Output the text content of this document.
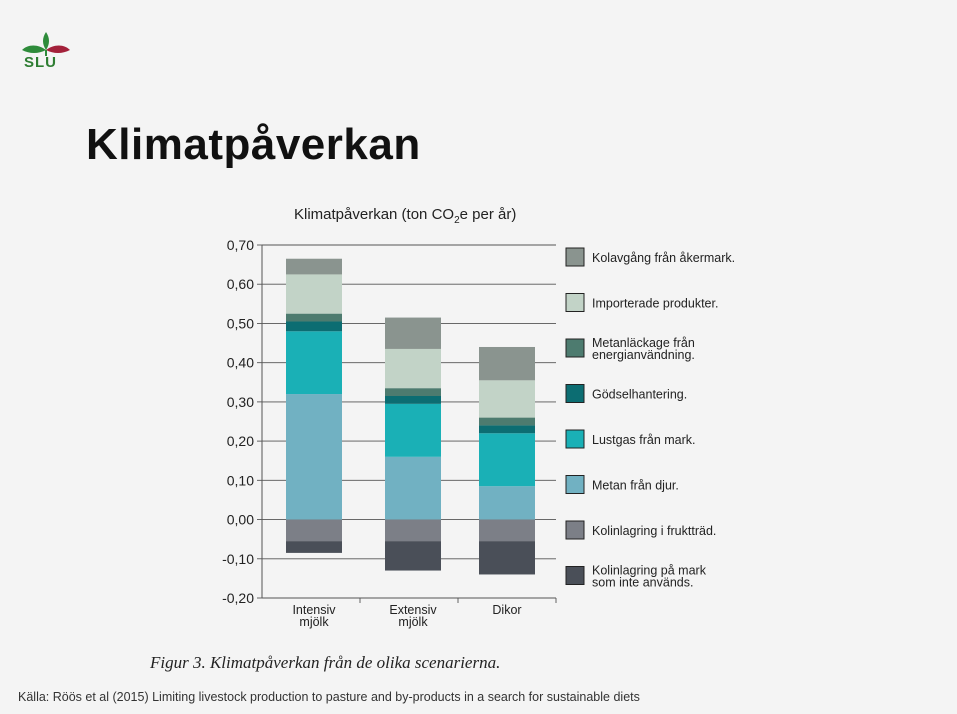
SLU
Klimatpåverkan
Klimatpåverkan (ton $CO_2e$ per år)
0,70
0,60
0,50
0,40
0,30
0,20
0,10
0,00
-0,10
-0,20
Intensiv
mjölk
Extensiv
mjölk
Dikor
Kolavgång från åkermark.
Importerade produkter.
Metanläckage från
energianvändning.
Gödselhantering.
Lustgas från mark.
Metan från djur.
Kolinlagring i fruktträd.
Kolinlagring på mark
som inte används.
Figur 3. Klimatpåverkan från de olika scenarierna.
Källa: Röös et al (2015) Limiting livestock production to pasture and by-products in a search for sustainable diets
